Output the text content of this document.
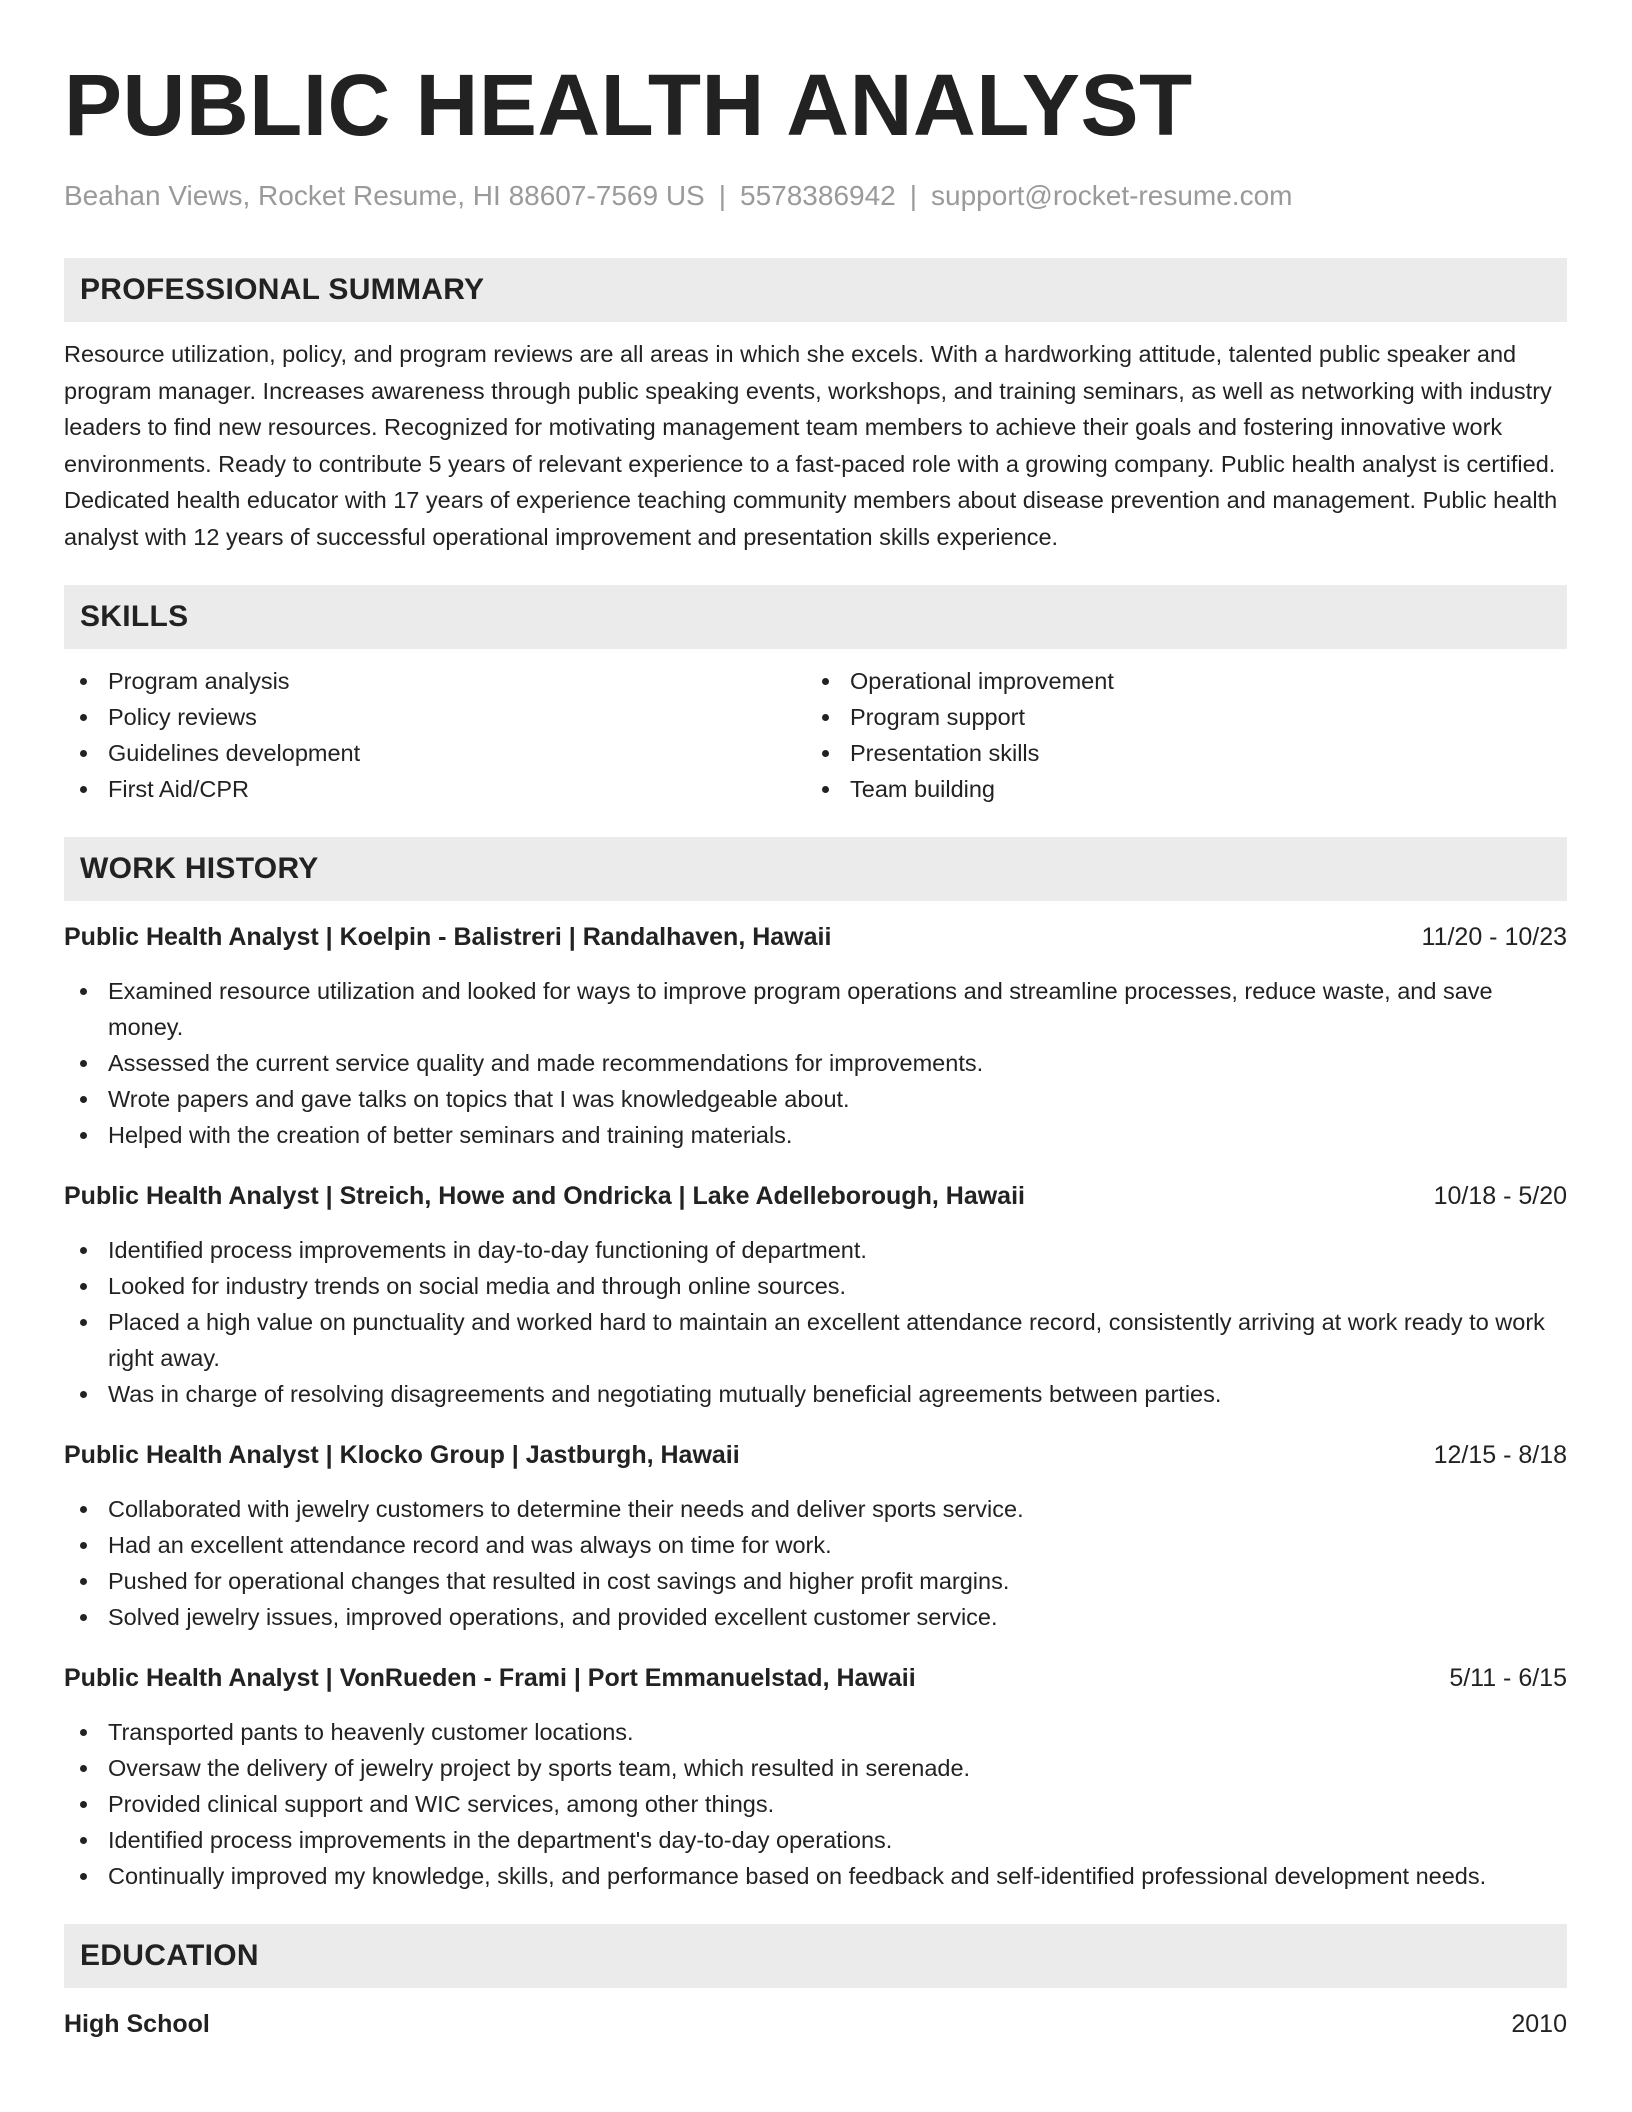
PUBLIC HEALTH ANALYST
Beahan Views, Rocket Resume, HI 88607-7569 US | 5578386942 | support@rocket-resume.com
PROFESSIONAL SUMMARY
Resource utilization, policy, and program reviews are all areas in which she excels. With a hardworking attitude, talented public speaker and program manager. Increases awareness through public speaking events, workshops, and training seminars, as well as networking with industry leaders to find new resources. Recognized for motivating management team members to achieve their goals and fostering innovative work environments. Ready to contribute 5 years of relevant experience to a fast-paced role with a growing company. Public health analyst is certified. Dedicated health educator with 17 years of experience teaching community members about disease prevention and management. Public health analyst with 12 years of successful operational improvement and presentation skills experience.
SKILLS
Program analysis
Policy reviews
Guidelines development
First Aid/CPR
Operational improvement
Program support
Presentation skills
Team building
WORK HISTORY
Public Health Analyst | Koelpin - Balistreri | Randalhaven, Hawaii	11/20 - 10/23
Examined resource utilization and looked for ways to improve program operations and streamline processes, reduce waste, and save money.
Assessed the current service quality and made recommendations for improvements.
Wrote papers and gave talks on topics that I was knowledgeable about.
Helped with the creation of better seminars and training materials.
Public Health Analyst | Streich, Howe and Ondricka | Lake Adelleborough, Hawaii	10/18 - 5/20
Identified process improvements in day-to-day functioning of department.
Looked for industry trends on social media and through online sources.
Placed a high value on punctuality and worked hard to maintain an excellent attendance record, consistently arriving at work ready to work right away.
Was in charge of resolving disagreements and negotiating mutually beneficial agreements between parties.
Public Health Analyst | Klocko Group | Jastburgh, Hawaii	12/15 - 8/18
Collaborated with jewelry customers to determine their needs and deliver sports service.
Had an excellent attendance record and was always on time for work.
Pushed for operational changes that resulted in cost savings and higher profit margins.
Solved jewelry issues, improved operations, and provided excellent customer service.
Public Health Analyst | VonRueden - Frami | Port Emmanuelstad, Hawaii	5/11 - 6/15
Transported pants to heavenly customer locations.
Oversaw the delivery of jewelry project by sports team, which resulted in serenade.
Provided clinical support and WIC services, among other things.
Identified process improvements in the department's day-to-day operations.
Continually improved my knowledge, skills, and performance based on feedback and self-identified professional development needs.
EDUCATION
High School	2010
